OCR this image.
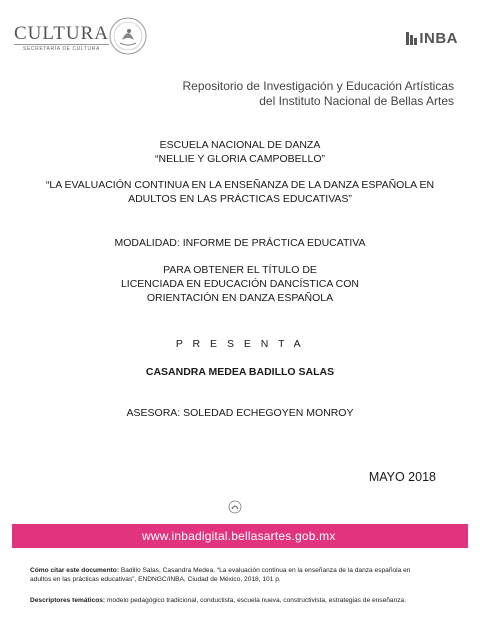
CULTURA
SECRETARÍA DE CULTURA
INBA
Repositorio de Investigación y Educación Artísticas
del Instituto Nacional de Bellas Artes
ESCUELA NACIONAL DE DANZA
“NELLIE Y GLORIA CAMPOBELLO”
“LA EVALUACIÓN CONTINUA EN LA ENSEÑANZA DE LA DANZA ESPAÑOLA EN
ADULTOS EN LAS PRÁCTICAS EDUCATIVAS”
MODALIDAD: INFORME DE PRÁCTICA EDUCATIVA
PARA OBTENER EL TÍTULO DE
LICENCIADA EN EDUCACIÓN DANCÍSTICA CON
ORIENTACIÓN EN DANZA ESPAÑOLA
P R E S E N T A
CASANDRA MEDEA BADILLO SALAS
ASESORA: SOLEDAD ECHEGOYEN MONROY
MAYO 2018
www.inbadigital.bellasartes.gob.mx
Cómo citar este documento: Badillo Salas, Casandra Medea. “La evaluación continua en la enseñanza de la danza española en
adultos en las prácticas educativas”, ENDNGC/INBA, Ciudad de México, 2018, 101 p.
Descriptores temáticos: modelo pedagógico tradicional, conductista, escuela nueva, constructivista, estrategias de enseñanza.
